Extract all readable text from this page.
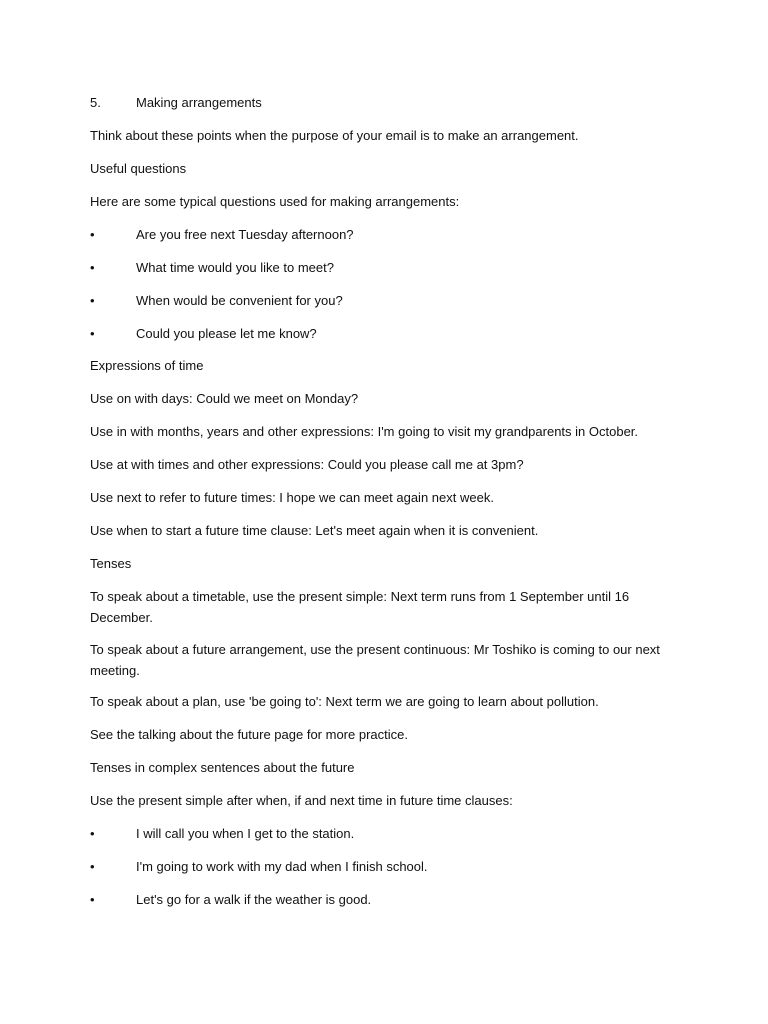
5.	Making arrangements

Think about these points when the purpose of your email is to make an arrangement.

Useful questions

Here are some typical questions used for making arrangements:

•	Are you free next Tuesday afternoon?
•	What time would you like to meet?
•	When would be convenient for you?
•	Could you please let me know?

Expressions of time

Use on with days: Could we meet on Monday?

Use in with months, years and other expressions: I'm going to visit my grandparents in October.

Use at with times and other expressions: Could you please call me at 3pm?

Use next to refer to future times: I hope we can meet again next week.

Use when to start a future time clause: Let's meet again when it is convenient.

Tenses

To speak about a timetable, use the present simple: Next term runs from 1 September until 16 December.

To speak about a future arrangement, use the present continuous: Mr Toshiko is coming to our next meeting.

To speak about a plan, use 'be going to': Next term we are going to learn about pollution.

See the talking about the future page for more practice.

Tenses in complex sentences about the future

Use the present simple after when, if and next time in future time clauses:

•	I will call you when I get to the station.
•	I'm going to work with my dad when I finish school.
•	Let's go for a walk if the weather is good.
